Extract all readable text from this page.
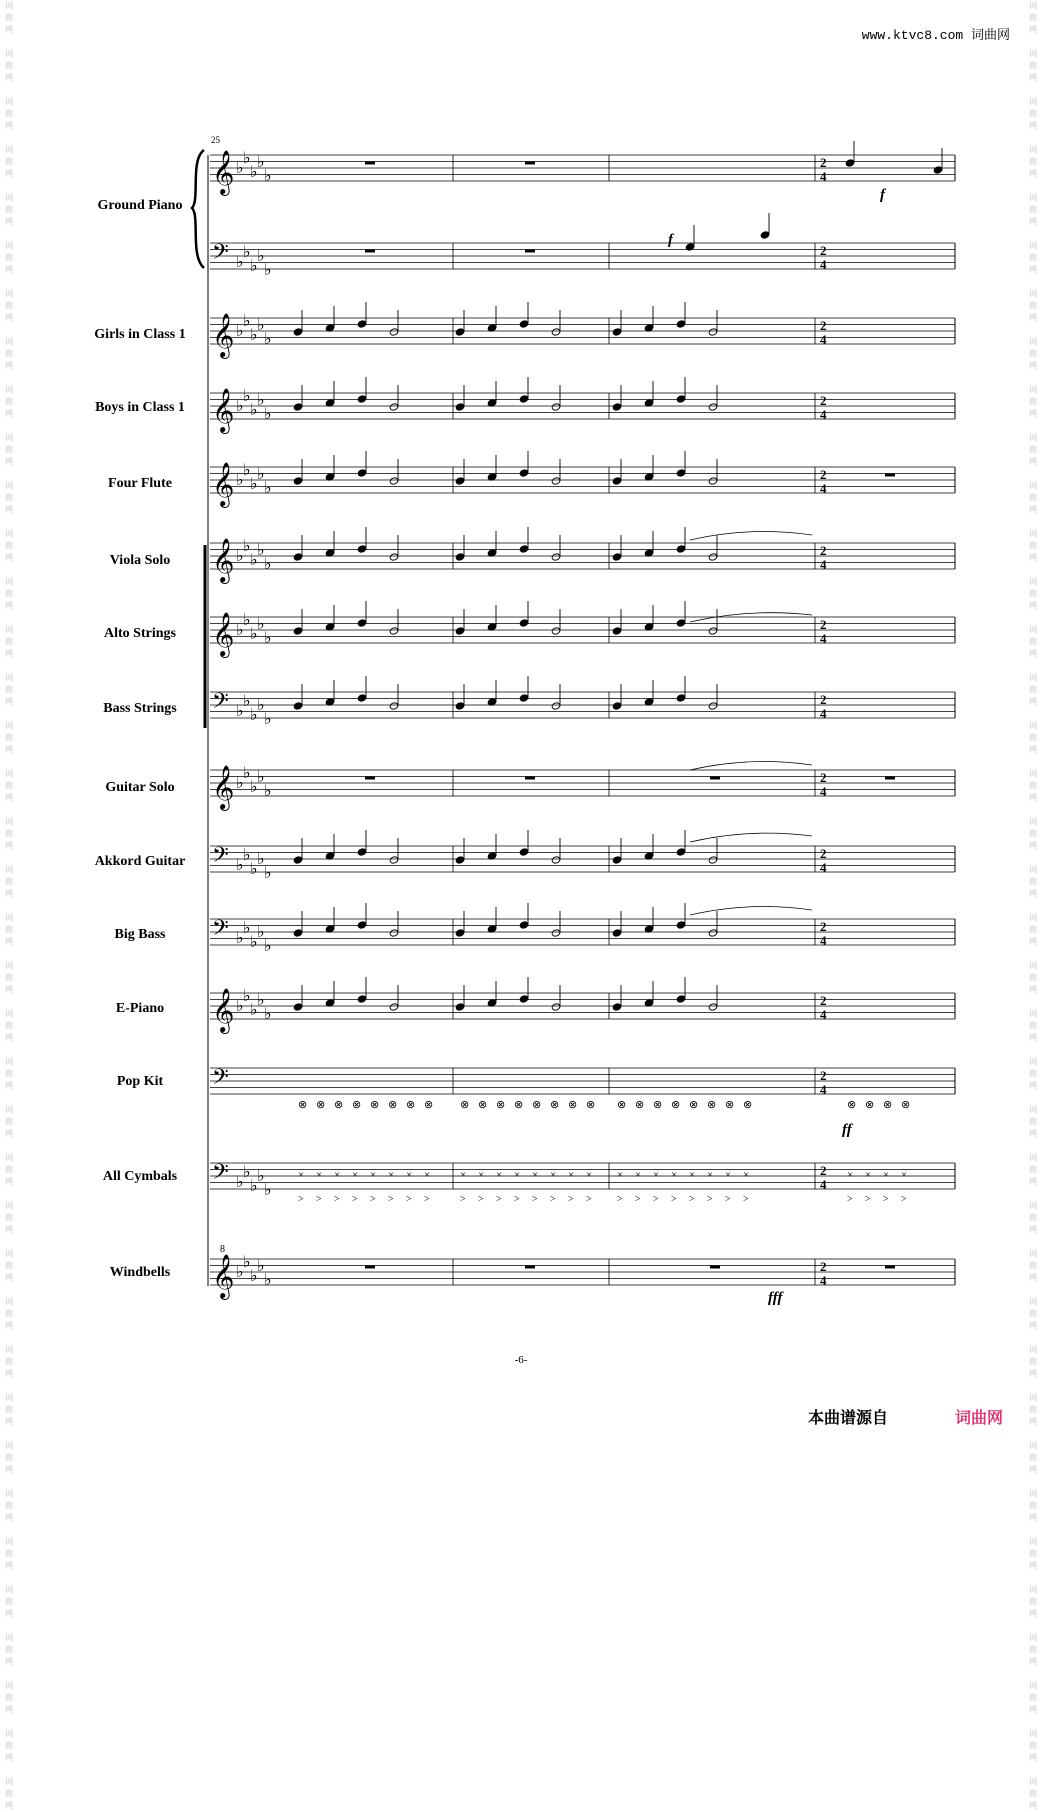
www.ktvc8.com 词曲网
词
曲
网

词
曲
网

词
曲
网

词
曲
网

词
曲
网

词
曲
网

词
曲
网

词
曲
网

词
曲
网

词
曲
网

词
曲
网

词
曲
网

词
曲
网

词
曲
网

词
曲
网

词
曲
网

词
曲
网

词
曲
网

词
曲
网

词
曲
网

词
曲
网

词
曲
网

词
曲
网

词
曲
网

词
曲
网

词
曲
网

词
曲
网

词
曲
网

词
曲
网

词
曲
网

词
曲
网

词
曲
网

词
曲
网

词
曲
网

词
曲
网

词
曲
网

词
曲
网

词
曲
网

词
曲
网

词
曲
网

词
曲
网

词
曲
网

词
曲
网

词
曲
网

词
曲
网

词
曲
网

词
曲
网

词
曲
网

词
曲
网

词
曲
网

词
曲
网

词
曲
网

词
曲
网

词
曲
网

词
曲
网

词
曲
网

词
曲
网

词
曲
网

词
曲
网

词
曲
网

词
曲
网

词
曲
网

词
曲
网

词
曲
网

词
曲
网

词
曲
网

词
曲
网

词
曲
网

词
曲
网

词
曲
网

词
曲
网

词
曲
网

词
曲
网

词
曲
网

词
曲
网

词
曲
网

25
Ground Piano
Girls in Class 1
Boys in Class 1
Four Flute
Viola Solo
Alto Strings
Bass Strings
Guitar Solo
Akkord Guitar
Big Bass
E-Piano
Pop Kit
All Cymbals
Windbells
𝄞 ♭
♭
♭
♭
♭
2
4
𝄢 ♭
♭
♭
♭
♭
2
4
𝄞 ♭
♭
♭
♭
♭
2
4
𝄞 ♭
♭
♭
♭
♭
2
4
𝄞 ♭
♭
♭
♭
♭
2
4
𝄞 ♭
♭
♭
♭
♭
2
4
𝄞 ♭
♭
♭
♭
♭
2
4
𝄢 ♭
♭
♭
♭
♭
2
4
𝄞 ♭
♭
♭
♭
♭
2
4
𝄢 ♭
♭
♭
♭
♭
2
4
𝄢 ♭
♭
♭
♭
♭
2
4
𝄞 ♭
♭
♭
♭
♭
2
4
𝄢	2
4
𝄢 ♭
♭
♭
♭
♭
2
4
𝄞 ♭
♭
♭
♭
♭
2
4
⊗
×
>
⊗
×
>
⊗
×
>
⊗
×
>
⊗
×
>
⊗
×
>
⊗
×
>
⊗
×
>
⊗
×
>
⊗
×
>
⊗
×
>
⊗
×
>
⊗
×
>
⊗
×
>
⊗
×
>
⊗
×
>
⊗
×
>
⊗
×
>
⊗
×
>
⊗
×
>
⊗
×
>
⊗
×
>
⊗
×
>
⊗
×
>
⊗
×
>
⊗
×
>
⊗
×
>
⊗
×
>
f
f
ff
fff
8
-6-
本曲谱源自	词曲网
